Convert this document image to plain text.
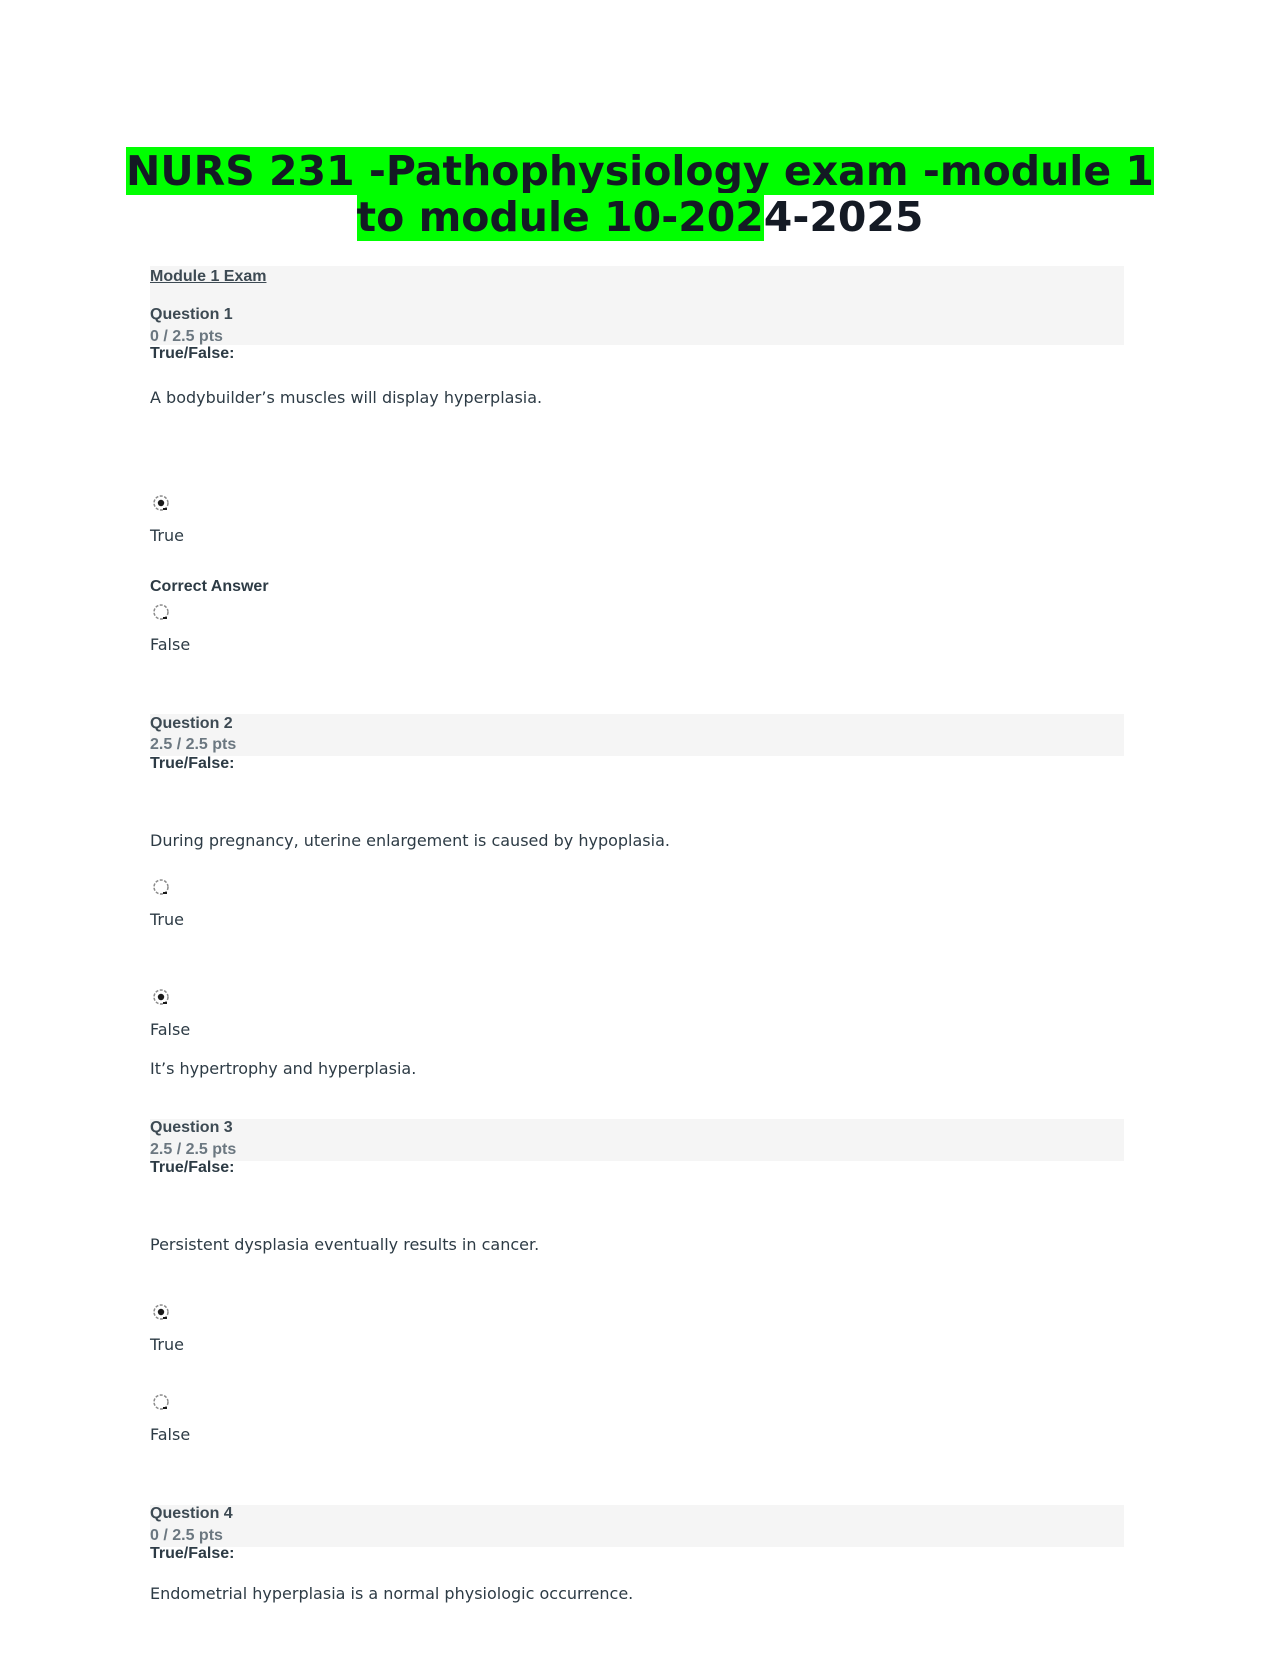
NURS 231 -Pathophysiology exam -module 1 to module 10-2024-2025
Module 1 Exam
Question 1
0 / 2.5 pts
True/False:
A bodybuilder’s muscles will display hyperplasia.
True
Correct Answer
False
Question 2
2.5 / 2.5 pts
True/False:
During pregnancy, uterine enlargement is caused by hypoplasia.
True
False
It’s hypertrophy and hyperplasia.
Question 3
2.5 / 2.5 pts
True/False:
Persistent dysplasia eventually results in cancer.
True
False
Question 4
0 / 2.5 pts
True/False:
Endometrial hyperplasia is a normal physiologic occurrence.
